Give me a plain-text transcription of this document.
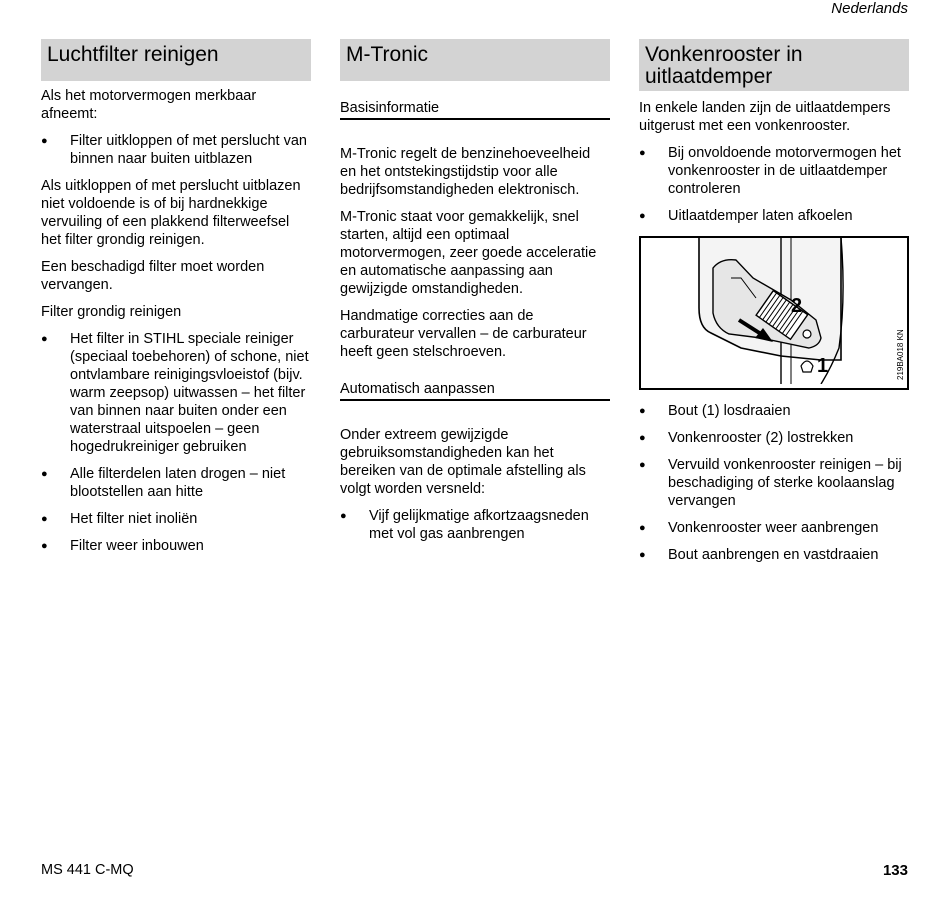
Nederlands
Luchtfilter reinigen
Als het motorvermogen merkbaar afneemt:
●	Filter uitkloppen of met perslucht van binnen naar buiten uitblazen
Als uitkloppen of met perslucht uitblazen niet voldoende is of bij hardnekkige vervuiling of een plakkend filterweefsel het filter grondig reinigen.
Een beschadigd filter moet worden vervangen.
Filter grondig reinigen
●	Het filter in STIHL speciale reiniger (speciaal toebehoren) of schone, niet ontvlambare reinigingsvloeistof (bijv. warm zeepsop) uitwassen – het filter van binnen naar buiten onder een waterstraal uitspoelen – geen hogedrukreiniger gebruiken
●	Alle filterdelen laten drogen – niet blootstellen aan hitte
●	Het filter niet inoliën
●	Filter weer inbouwen
M-Tronic
Basisinformatie
M-Tronic regelt de benzinehoeveelheid en het ontstekingstijdstip voor alle bedrijfsomstandigheden elektronisch.
M-Tronic staat voor gemakkelijk, snel starten, altijd een optimaal motorvermogen, zeer goede acceleratie en automatische aanpassing aan gewijzigde omstandigheden.
Handmatige correcties aan de carburateur vervallen – de carburateur heeft geen stelschroeven.
Automatisch aanpassen
Onder extreem gewijzigde gebruiksomstandigheden kan het bereiken van de optimale afstelling als volgt worden versneld:
●	Vijf gelijkmatige afkortzaagsneden met vol gas aanbrengen
Vonkenrooster in uitlaatdemper
In enkele landen zijn de uitlaatdempers uitgerust met een vonkenrooster.
●	Bij onvoldoende motorvermogen het vonkenrooster in de uitlaatdemper controleren
●	Uitlaatdemper laten afkoelen
2
1	219BA018 KN
●	Bout (1) losdraaien
●	Vonkenrooster (2) lostrekken
●	Vervuild vonkenrooster reinigen – bij beschadiging of sterke koolaanslag vervangen
●	Vonkenrooster weer aanbrengen
●	Bout aanbrengen en vastdraaien
MS 441 C-MQ	133
